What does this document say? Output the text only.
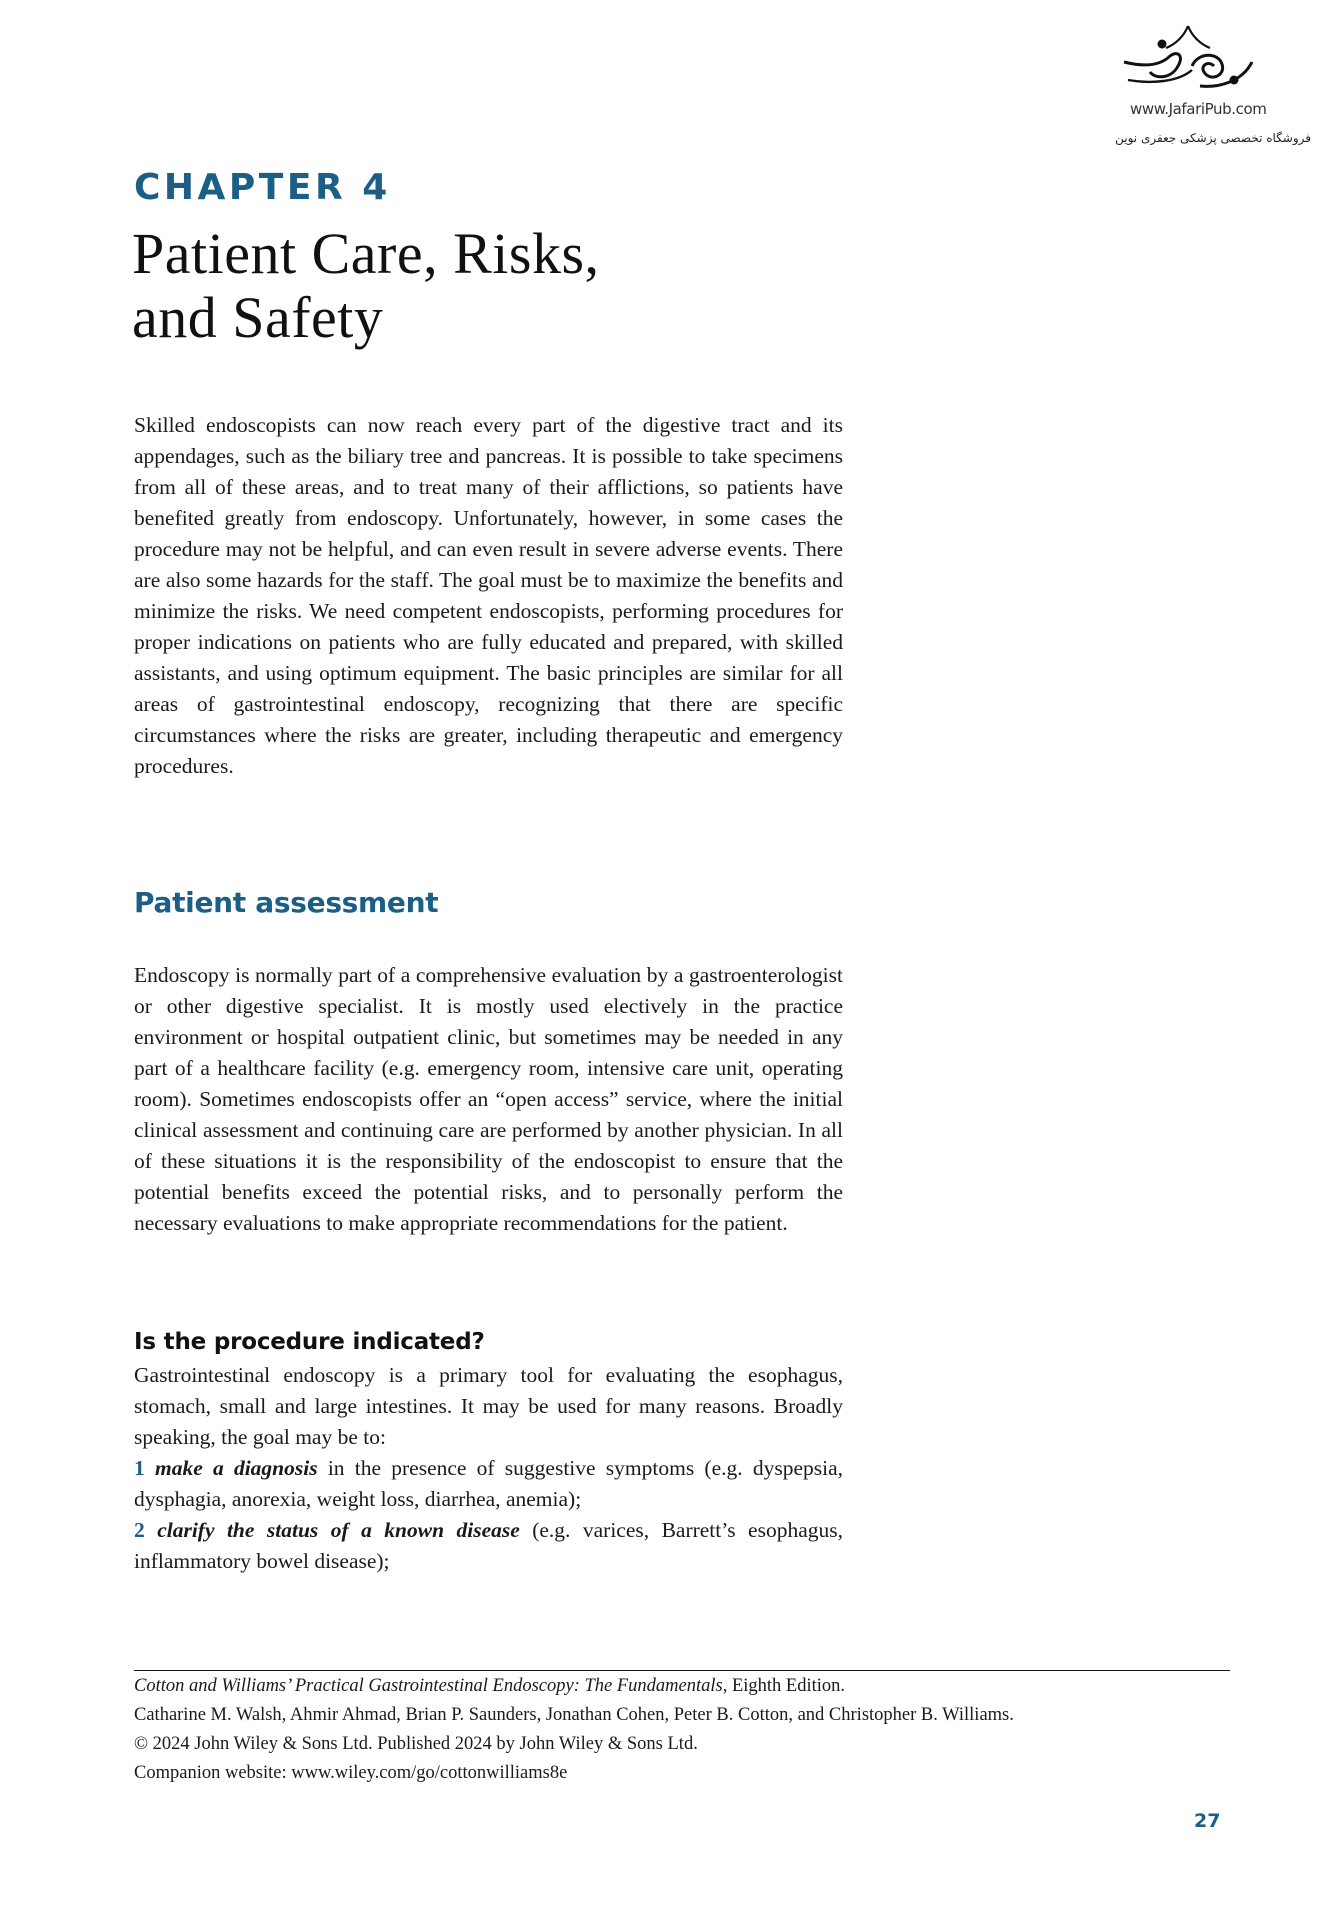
www.JafariPub.com
فروشگاه تخصصی پزشکی جعفری نوین
CHAPTER 4
Patient Care, Risks,
and Safety

Skilled endoscopists can now reach every part of the digestive tract and its appendages, such as the biliary tree and pancreas. It is possible to take specimens from all of these areas, and to treat many of their afflictions, so patients have benefited greatly from endoscopy. Unfortunately, however, in some cases the procedure may not be helpful, and can even result in severe adverse events. There are also some hazards for the staff. The goal must be to maximize the benefits and minimize the risks. We need competent endoscopists, performing procedures for proper indications on patients who are fully educated and prepared, with skilled assistants, and using optimum equipment. The basic principles are similar for all areas of gastrointestinal endoscopy, recognizing that there are specific circumstances where the risks are greater, including therapeutic and emergency procedures.

Patient assessment

Endoscopy is normally part of a comprehensive evaluation by a gastroenterologist or other digestive specialist. It is mostly used electively in the practice environment or hospital outpatient clinic, but sometimes may be needed in any part of a healthcare facility (e.g. emergency room, intensive care unit, operating room). Sometimes endoscopists offer an “open access” service, where the initial clinical assessment and continuing care are performed by another physician. In all of these situations it is the responsibility of the endoscopist to ensure that the potential benefits exceed the potential risks, and to personally perform the necessary evaluations to make appropriate recommendations for the patient.

Is the procedure indicated?

Gastrointestinal endoscopy is a primary tool for evaluating the esophagus, stomach, small and large intestines. It may be used for many reasons. Broadly speaking, the goal may be to:

1 make a diagnosis in the presence of suggestive symptoms (e.g. dyspepsia, dysphagia, anorexia, weight loss, diarrhea, anemia);

2 clarify the status of a known disease (e.g. varices, Barrett’s esophagus, inflammatory bowel disease);

Cotton and Williams’ Practical Gastrointestinal Endoscopy: The Fundamentals, Eighth Edition.
Catharine M. Walsh, Ahmir Ahmad, Brian P. Saunders, Jonathan Cohen, Peter B. Cotton, and Christopher B. Williams.
© 2024 John Wiley & Sons Ltd. Published 2024 by John Wiley & Sons Ltd.
Companion website: www.wiley.com/go/cottonwilliams8e
27
